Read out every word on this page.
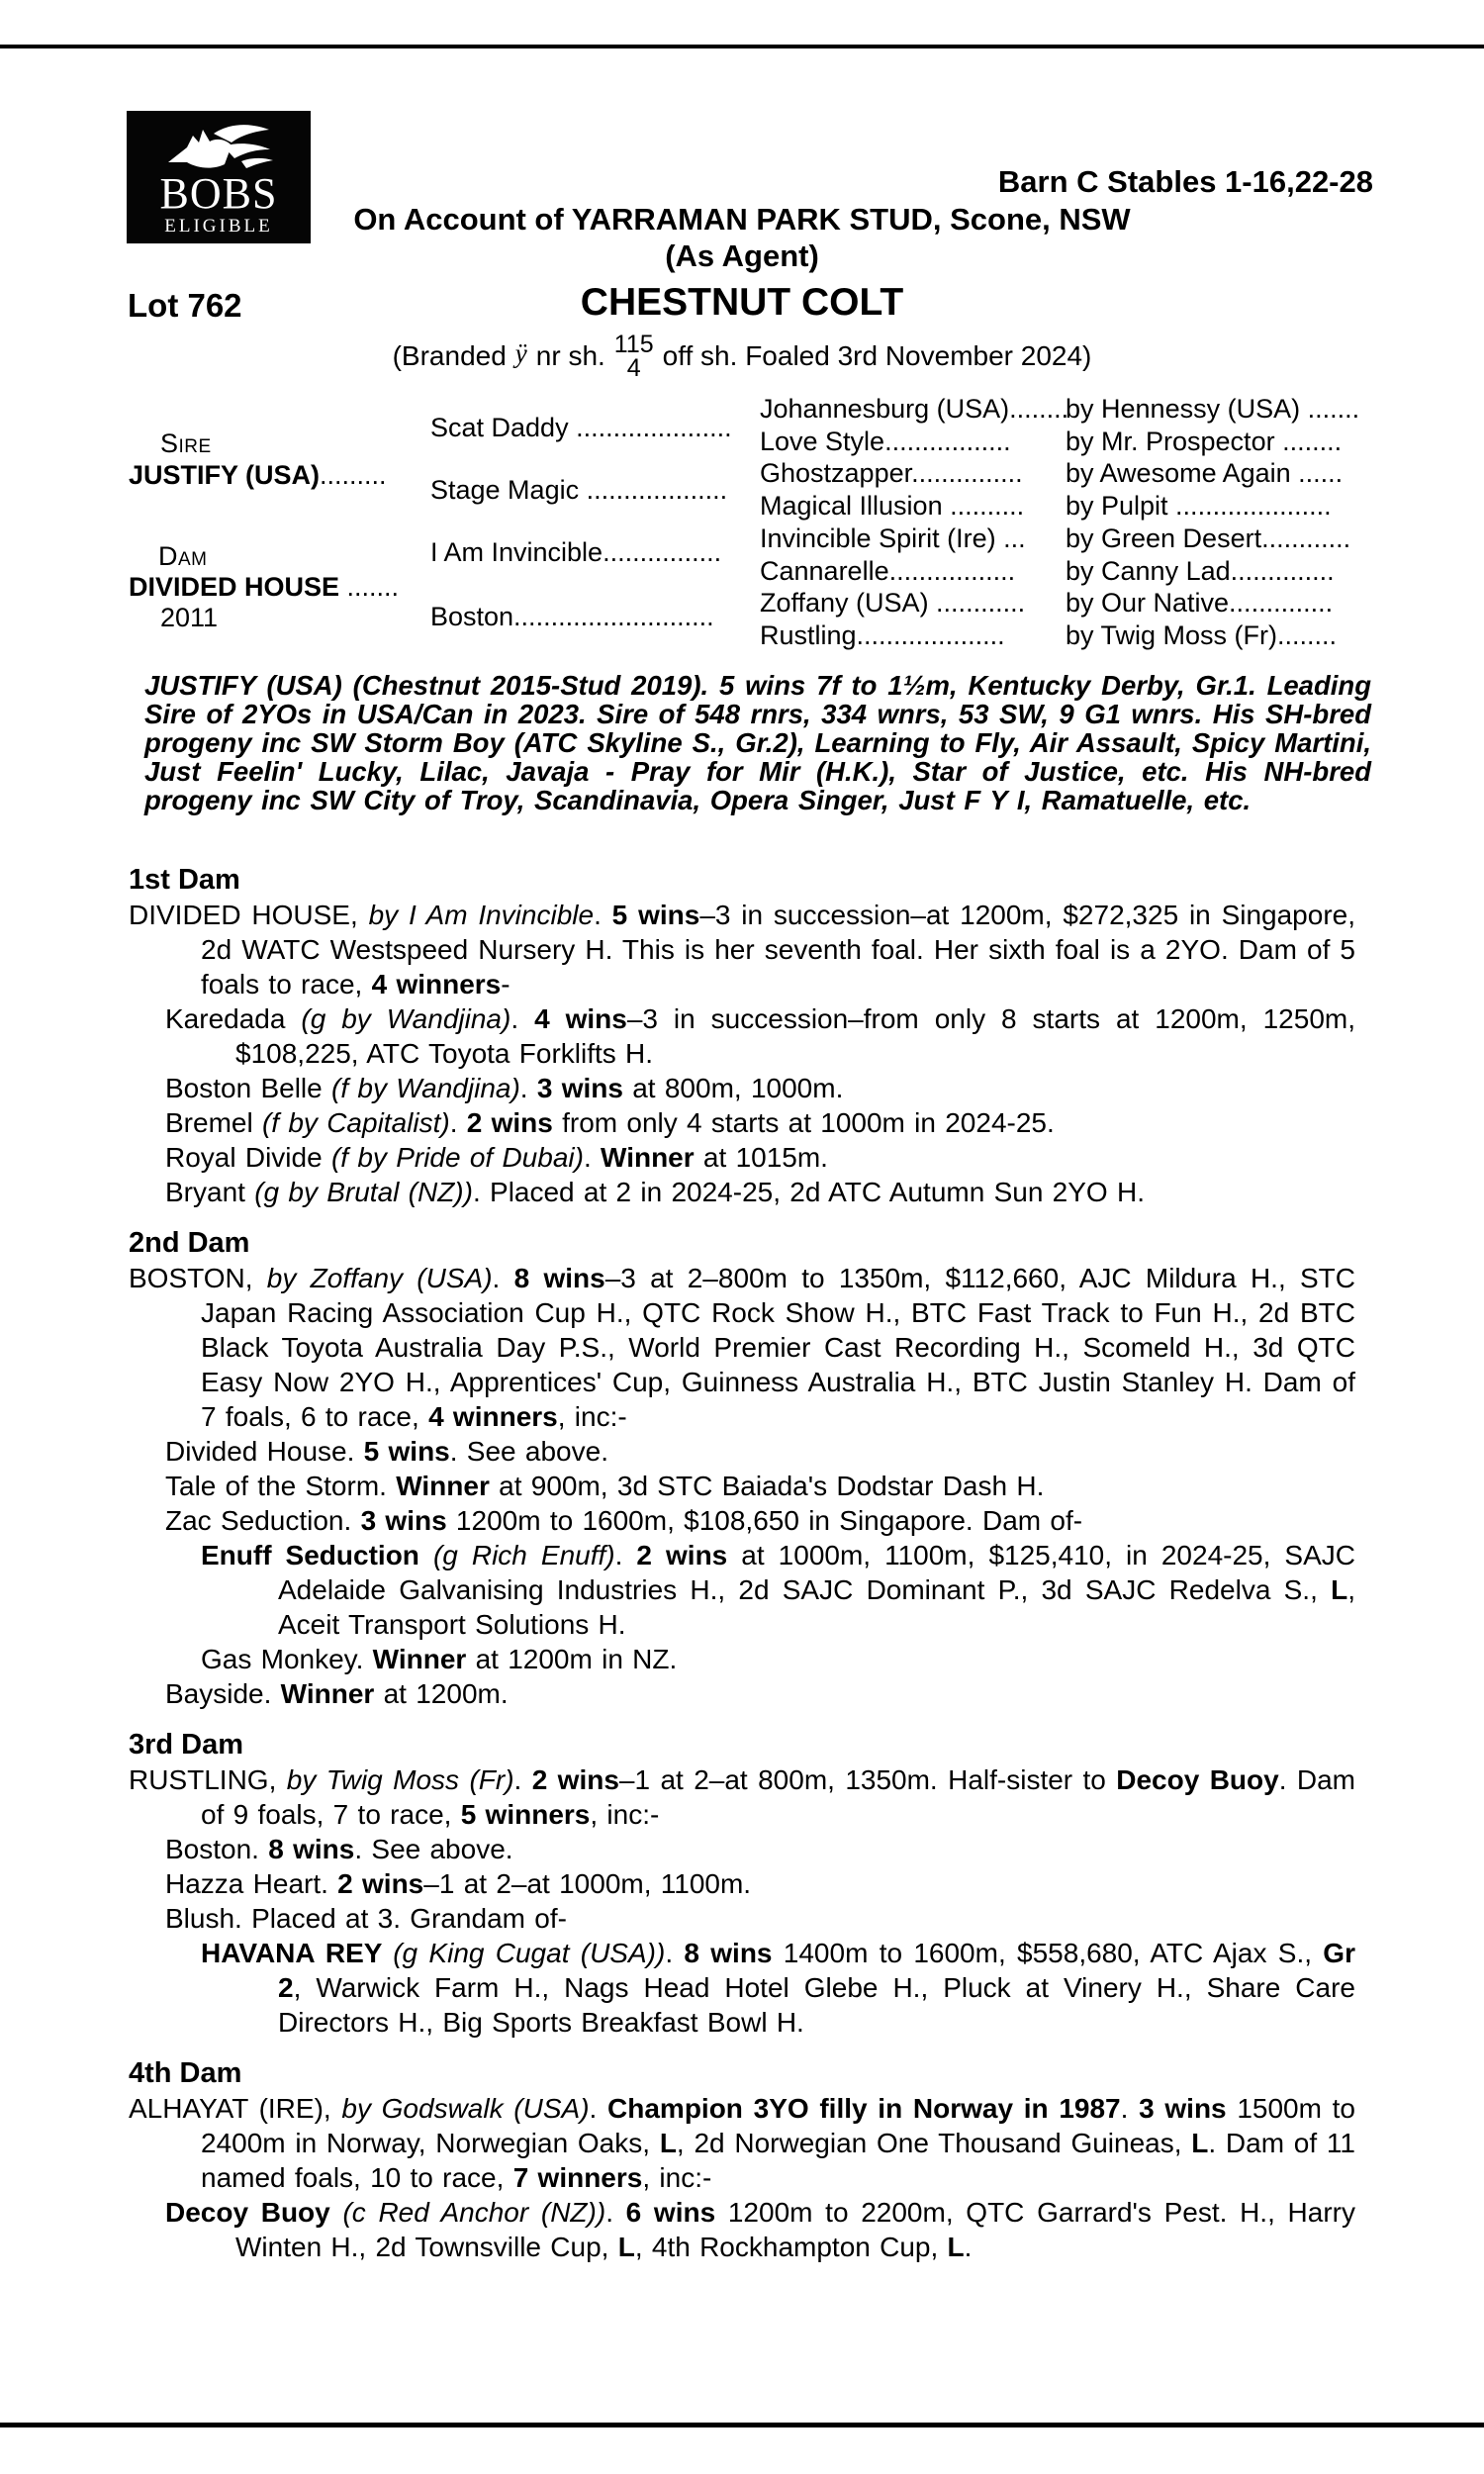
BOBS
ELIGIBLE
Barn C Stables 1-16,22-28
On Account of YARRAMAN PARK STUD, Scone, NSW
(As Agent)
Lot 762	CHESTNUT COLT
(Branded ÿ nr sh. 115
4 off sh. Foaled 3rd November 2024)
Sire
JUSTIFY (USA).........
Dam
DIVIDED HOUSE .......
2011
Scat Daddy .....................
Stage Magic ...................
I Am Invincible................
Boston...........................
Johannesburg (USA)........
by Hennessy (USA) .......
Love Style................. by Mr. Prospector ........
Ghostzapper............... by Awesome Again ......
Magical Illusion .......... by Pulpit .....................
Invincible Spirit (Ire) ... by Green Desert............
Cannarelle................. by Canny Lad..............
Zoffany (USA) ............ by Our Native..............
Rustling.................... by Twig Moss (Fr)........
JUSTIFY (USA) (Chestnut 2015-Stud 2019). 5 wins 7f to 1½m, Kentucky Derby, Gr.1. Leading Sire of 2YOs in USA/Can in 2023. Sire of 548 rnrs, 334 wnrs, 53 SW, 9 G1 wnrs. His SH-bred progeny inc SW Storm Boy (ATC Skyline S., Gr.2), Learning to Fly, Air Assault, Spicy Martini, Just Feelin' Lucky, Lilac, Javaja - Pray for Mir (H.K.), Star of Justice, etc. His NH-bred progeny inc SW City of Troy, Scandinavia, Opera Singer, Just F Y I, Ramatuelle, etc.
1st Dam
DIVIDED HOUSE, by I Am Invincible. 5 wins–3 in succession–at 1200m, $272,325 in Singapore, 2d WATC Westspeed Nursery H. This is her seventh foal. Her sixth foal is a 2YO. Dam of 5 foals to race, 4 winners-
Karedada (g by Wandjina). 4 wins–3 in succession–from only 8 starts at 1200m, 1250m, $108,225, ATC Toyota Forklifts H.
Boston Belle (f by Wandjina). 3 wins at 800m, 1000m.
Bremel (f by Capitalist). 2 wins from only 4 starts at 1000m in 2024-25.
Royal Divide (f by Pride of Dubai). Winner at 1015m.
Bryant (g by Brutal (NZ)). Placed at 2 in 2024-25, 2d ATC Autumn Sun 2YO H.
2nd Dam
BOSTON, by Zoffany (USA). 8 wins–3 at 2–800m to 1350m, $112,660, AJC Mildura H., STC Japan Racing Association Cup H., QTC Rock Show H., BTC Fast Track to Fun H., 2d BTC Black Toyota Australia Day P.S., World Premier Cast Recording H., Scomeld H., 3d QTC Easy Now 2YO H., Apprentices' Cup, Guinness Australia H., BTC Justin Stanley H. Dam of 7 foals, 6 to race, 4 winners, inc:-
Divided House. 5 wins. See above.
Tale of the Storm. Winner at 900m, 3d STC Baiada's Dodstar Dash H.
Zac Seduction. 3 wins 1200m to 1600m, $108,650 in Singapore. Dam of-
Enuff Seduction (g Rich Enuff). 2 wins at 1000m, 1100m, $125,410, in 2024-25, SAJC Adelaide Galvanising Industries H., 2d SAJC Dominant P., 3d SAJC Redelva S., L, Aceit Transport Solutions H.
Gas Monkey. Winner at 1200m in NZ.
Bayside. Winner at 1200m.
3rd Dam
RUSTLING, by Twig Moss (Fr). 2 wins–1 at 2–at 800m, 1350m. Half-sister to Decoy Buoy. Dam of 9 foals, 7 to race, 5 winners, inc:-
Boston. 8 wins. See above.
Hazza Heart. 2 wins–1 at 2–at 1000m, 1100m.
Blush. Placed at 3. Grandam of-
HAVANA REY (g King Cugat (USA)). 8 wins 1400m to 1600m, $558,680, ATC Ajax S., Gr 2, Warwick Farm H., Nags Head Hotel Glebe H., Pluck at Vinery H., Share Care Directors H., Big Sports Breakfast Bowl H.
4th Dam
ALHAYAT (IRE), by Godswalk (USA). Champion 3YO filly in Norway in 1987. 3 wins 1500m to 2400m in Norway, Norwegian Oaks, L, 2d Norwegian One Thousand Guineas, L. Dam of 11 named foals, 10 to race, 7 winners, inc:-
Decoy Buoy (c Red Anchor (NZ)). 6 wins 1200m to 2200m, QTC Garrard's Pest. H., Harry Winten H., 2d Townsville Cup, L, 4th Rockhampton Cup, L.
